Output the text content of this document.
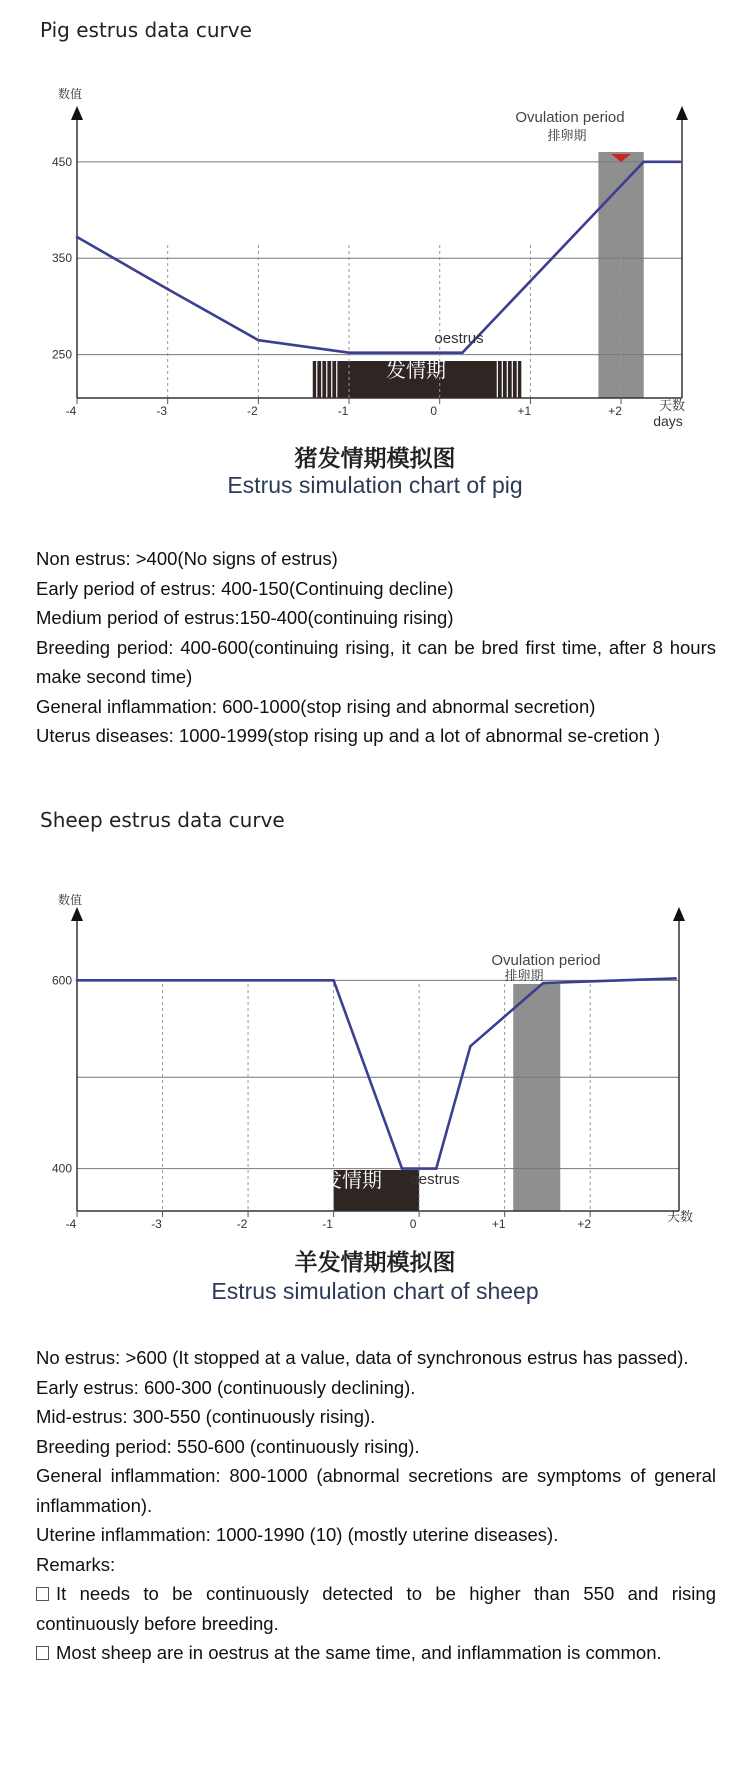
Pig estrus data curve
数值
250
350
450
-4	-3	-2	-1	0	+1	+2
Ovulation period
排卵期
oestrus
发情期
天数
days
猪发情期模拟图
Estrus simulation chart of pig

Non estrus: >400(No signs of estrus)

Early period of estrus: 400-150(Continuing decline)

Medium period of estrus:150-400(continuing rising)

Breeding period: 400-600(continuing rising, it can be bred first time, after 8 hours make second time)

General inflammation: 600-1000(stop rising and abnormal secretion)

Uterus diseases: 1000-1999(stop rising up and a lot of abnormal se-cretion )

Sheep estrus data curve
数值
400
600
-4	-3	-2	-1	0	+1	+2
Ovulation period
排卵期
oestrus
发情期
天数
羊发情期模拟图
Estrus simulation chart of sheep

No estrus: >600 (It stopped at a value, data of synchronous estrus has passed).

Early estrus: 600-300 (continuously declining).

Mid-estrus: 300-550 (continuously rising).

Breeding period: 550-600 (continuously rising).

General inflammation: 800-1000 (abnormal secretions are symptoms of general inflammation).

Uterine inflammation: 1000-1990 (10) (mostly uterine diseases).

Remarks:

It needs to be continuously detected to be higher than 550 and rising continuously before breeding.

Most sheep are in oestrus at the same time, and inflammation is common.
